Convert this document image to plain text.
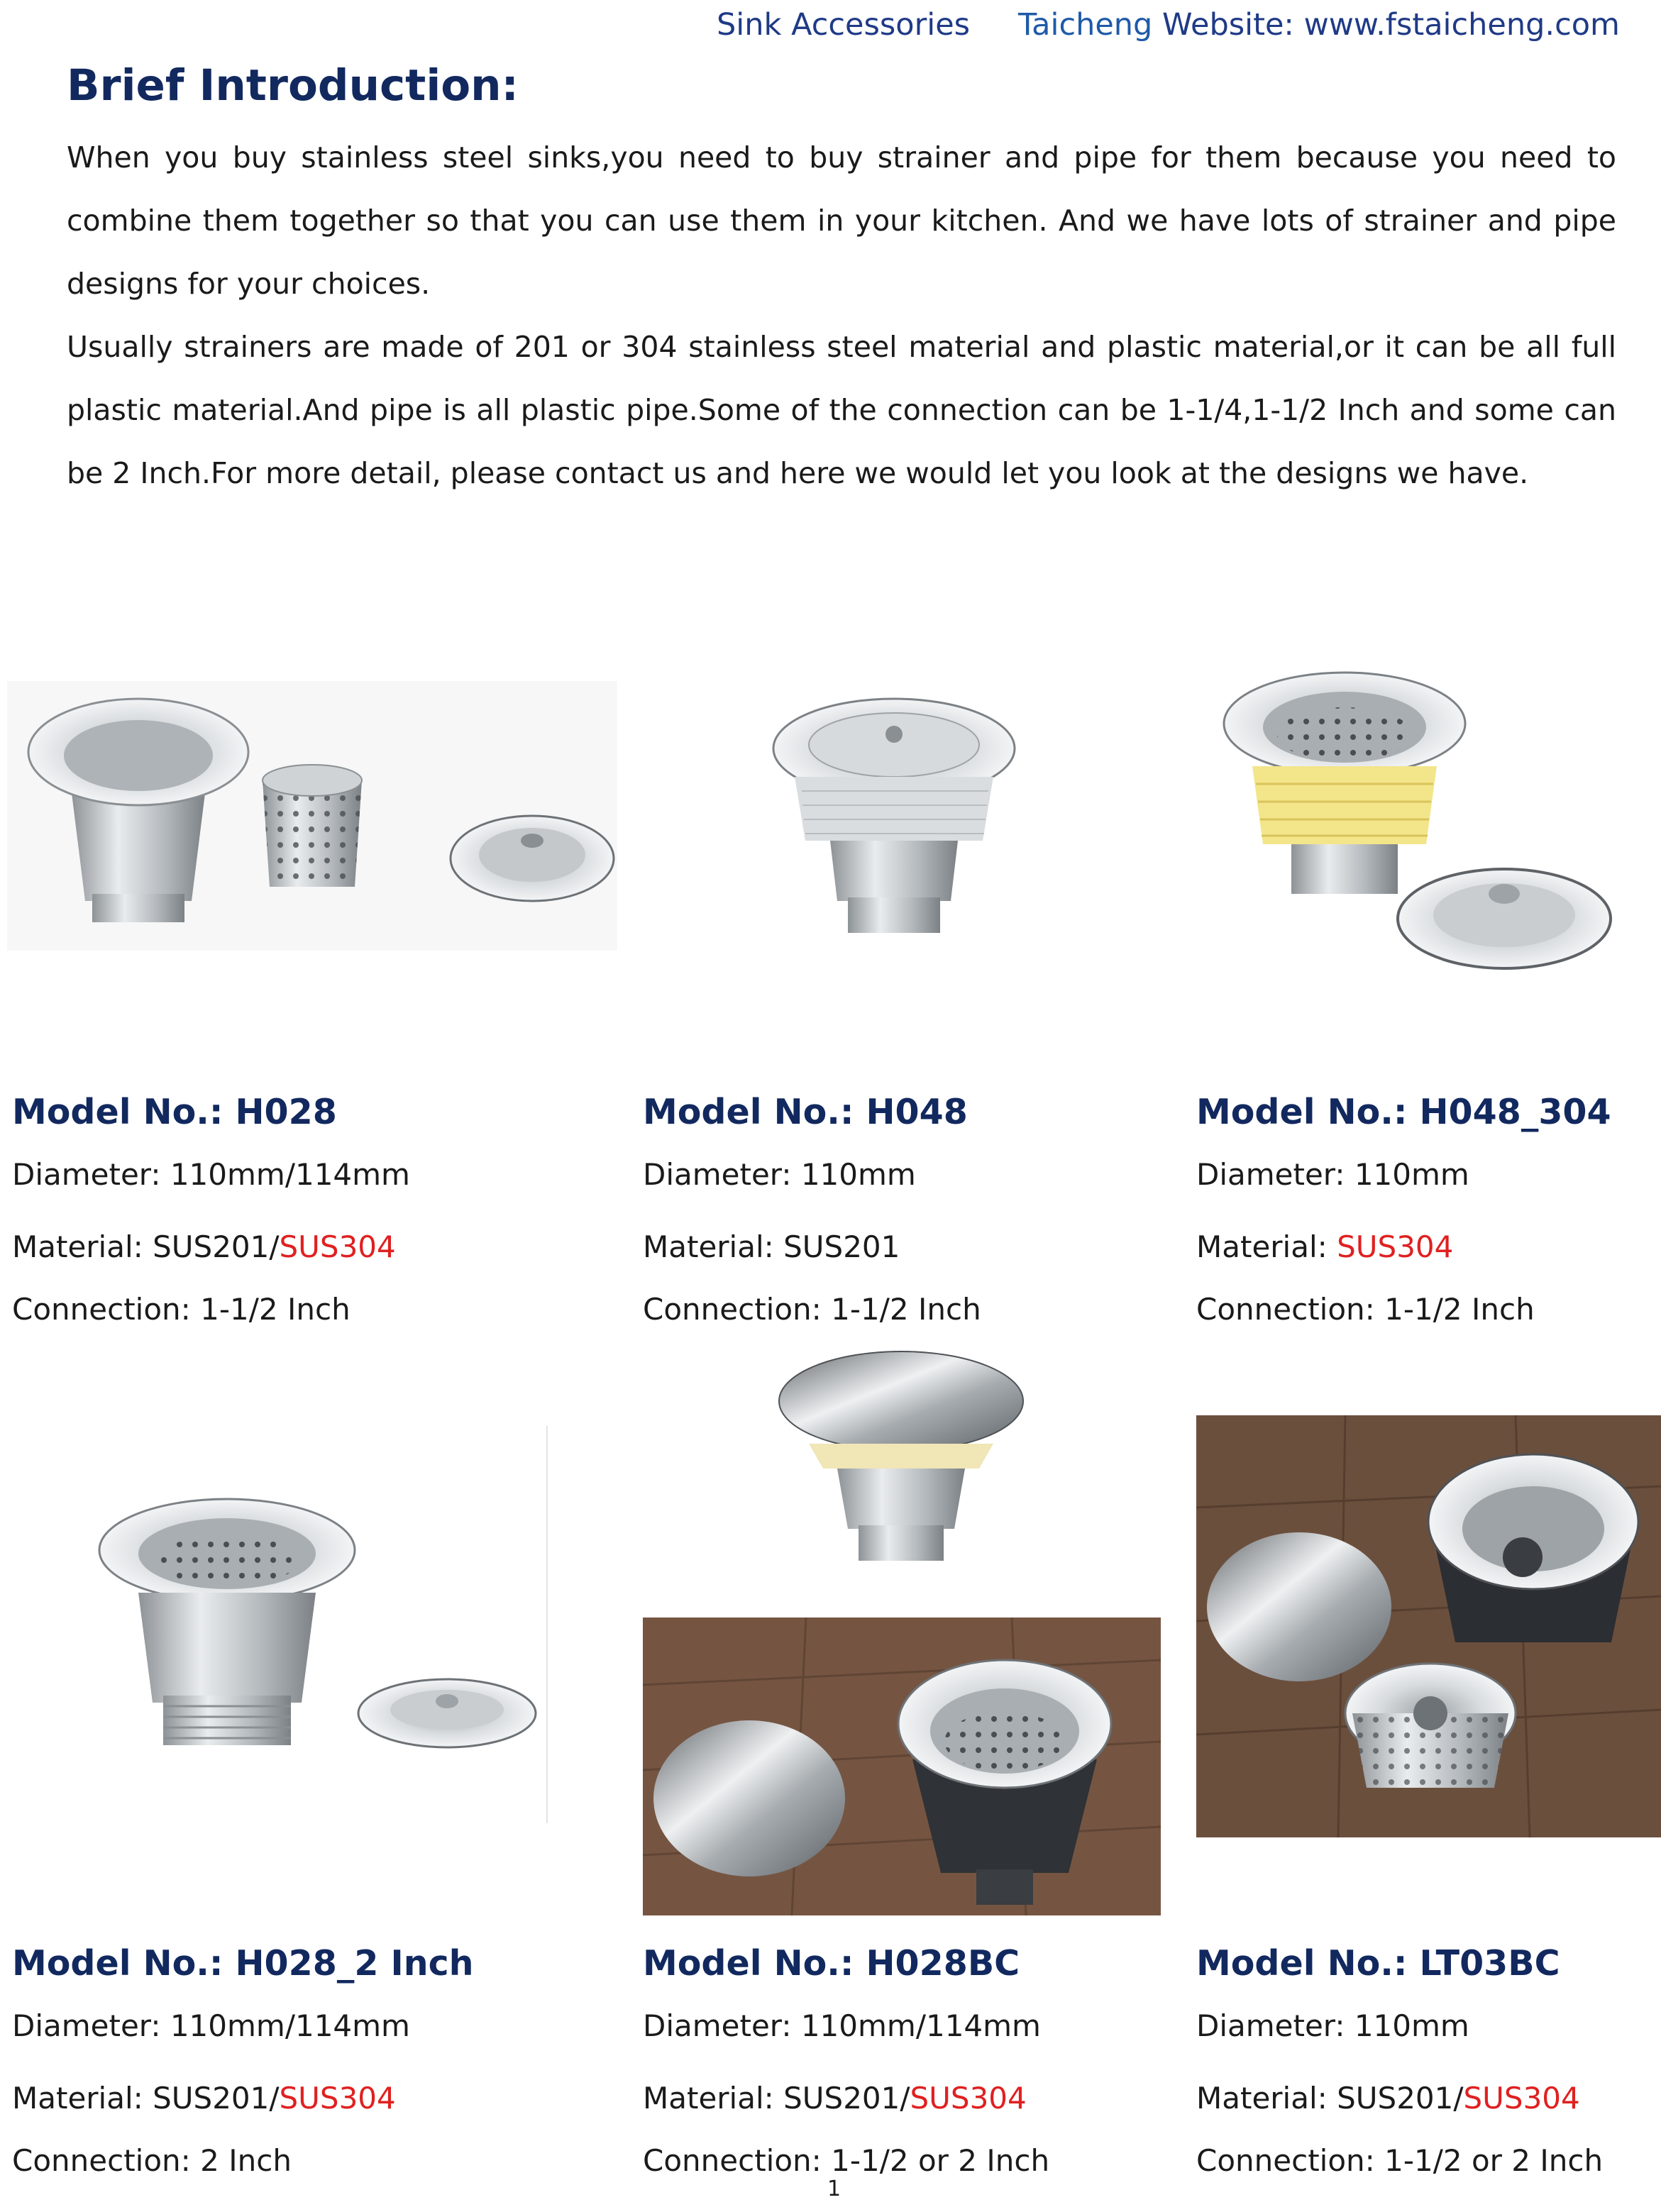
Sink Accessories Taicheng Website: www.fstaicheng.com
Brief Introduction:

When you buy stainless steel sinks,you need to buy strainer and pipe for them because you need to combine them together so that you can use them in your kitchen. And we have lots of strainer and pipe designs for your choices.

Usually strainers are made of 201 or 304 stainless steel material and plastic material,or it can be all full plastic material.And pipe is all plastic pipe.Some of the connection can be 1-1/4,1-1/2 Inch and some can be 2 Inch.For more detail, please contact us and here we would let you look at the designs we have.

Model No.: H028
Diameter: 110mm/114mm
Material: SUS201/SUS304
Connection: 1-1/2 Inch
Model No.: H048
Diameter: 110mm
Material: SUS201
Connection: 1-1/2 Inch
Model No.: H048_304
Diameter: 110mm
Material: SUS304
Connection: 1-1/2 Inch
Model No.: H028_2 Inch
Diameter: 110mm/114mm
Material: SUS201/SUS304
Connection: 2 Inch
Model No.: H028BC
Diameter: 110mm/114mm
Material: SUS201/SUS304
Connection: 1-1/2 or 2 Inch
Model No.: LT03BC
Diameter: 110mm
Material: SUS201/SUS304
Connection: 1-1/2 or 2 Inch
1
